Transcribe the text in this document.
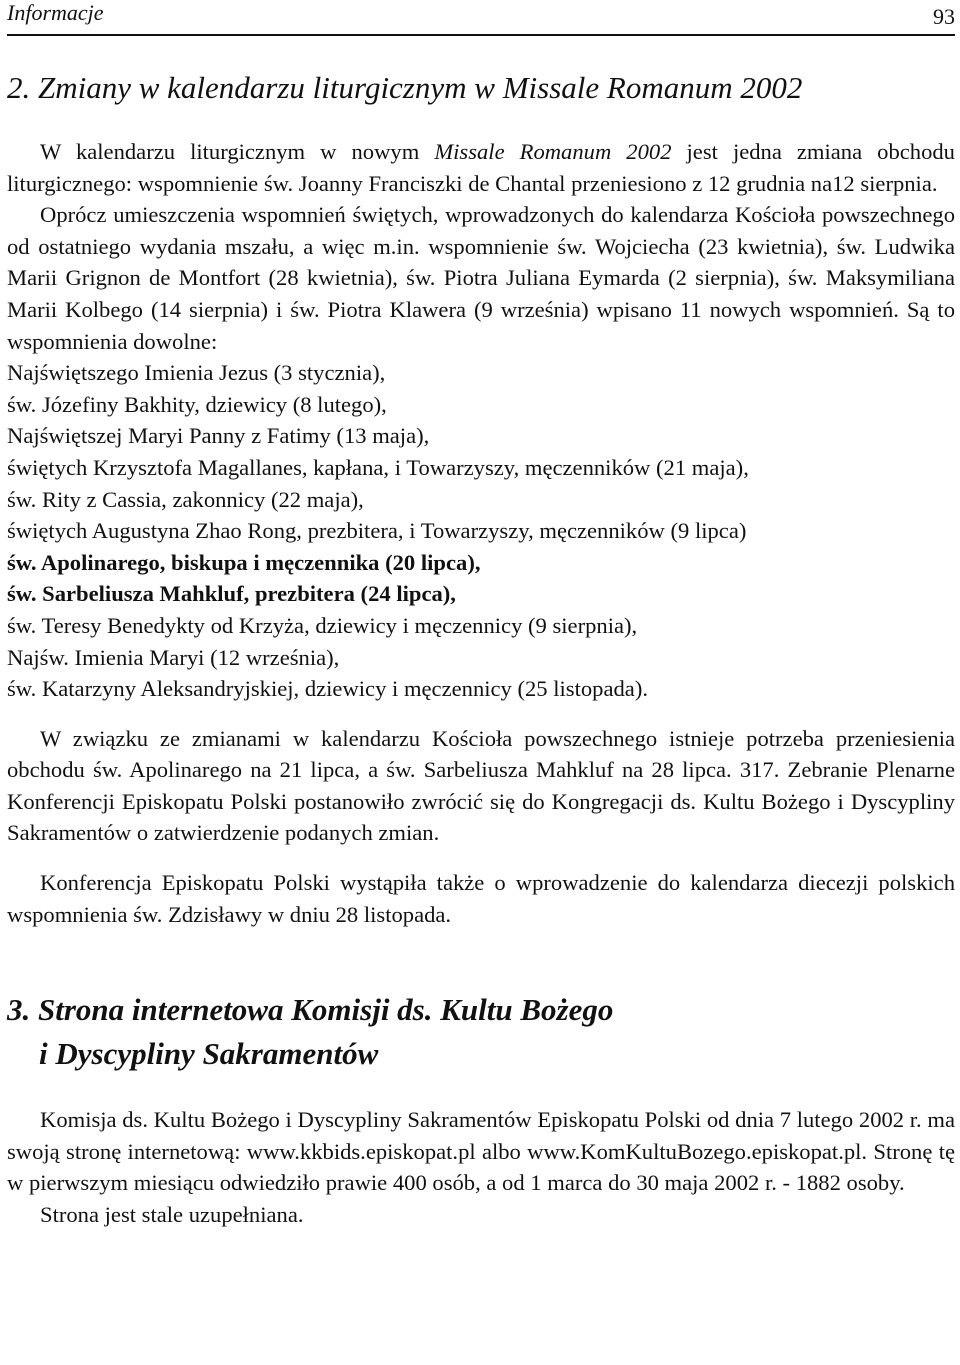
Informacje	93
2. Zmiany w kalendarzu liturgicznym w Missale Romanum 2002

W kalendarzu liturgicznym w nowym Missale Romanum 2002 jest jedna zmiana obchodu liturgicznego: wspomnienie św. Joanny Franciszki de Chantal przeniesiono z 12 grudnia na12 sierpnia.

Oprócz umieszczenia wspomnień świętych, wprowadzonych do kalendarza Kościoła powszechnego od ostatniego wydania mszału, a więc m.in. wspomnienie św. Wojciecha (23 kwietnia), św. Ludwika Marii Grignon de Montfort (28 kwietnia), św. Piotra Juliana Eymarda (2 sierpnia), św. Maksymiliana Marii Kolbego (14 sierpnia) i św. Piotra Klawera (9 września) wpisano 11 nowych wspomnień. Są to wspomnienia dowolne:

Najświętszego Imienia Jezus (3 stycznia),
św. Józefiny Bakhity, dziewicy (8 lutego),
Najświętszej Maryi Panny z Fatimy (13 maja),
świętych Krzysztofa Magallanes, kapłana, i Towarzyszy, męczenników (21 maja),
św. Rity z Cassia, zakonnicy (22 maja),
świętych Augustyna Zhao Rong, prezbitera, i Towarzyszy, męczenników (9 lipca)
św. Apolinarego, biskupa i męczennika (20 lipca),
św. Sarbeliusza Mahkluf, prezbitera (24 lipca),
św. Teresy Benedykty od Krzyża, dziewicy i męczennicy (9 sierpnia),
Najśw. Imienia Maryi (12 września),
św. Katarzyny Aleksandryjskiej, dziewicy i męczennicy (25 listopada).

W związku ze zmianami w kalendarzu Kościoła powszechnego istnieje potrzeba przeniesienia obchodu św. Apolinarego na 21 lipca, a św. Sarbeliusza Mahkluf na 28 lipca. 317. Zebranie Plenarne Konferencji Episkopatu Polski postanowiło zwrócić się do Kongregacji ds. Kultu Bożego i Dyscypliny Sakramentów o zatwierdzenie podanych zmian.

Konferencja Episkopatu Polski wystąpiła także o wprowadzenie do kalendarza diecezji polskich wspomnienia św. Zdzisławy w dniu 28 listopada.

3. Strona internetowa Komisji ds. Kultu Bożego
i Dyscypliny Sakramentów

Komisja ds. Kultu Bożego i Dyscypliny Sakramentów Episkopatu Polski od dnia 7 lutego 2002 r. ma swoją stronę internetową: www.kkbids.episkopat.pl albo www.KomKultuBozego.episkopat.pl. Stronę tę w pierwszym miesiącu odwiedziło prawie 400 osób, a od 1 marca do 30 maja 2002 r. - 1882 osoby.

Strona jest stale uzupełniana.
